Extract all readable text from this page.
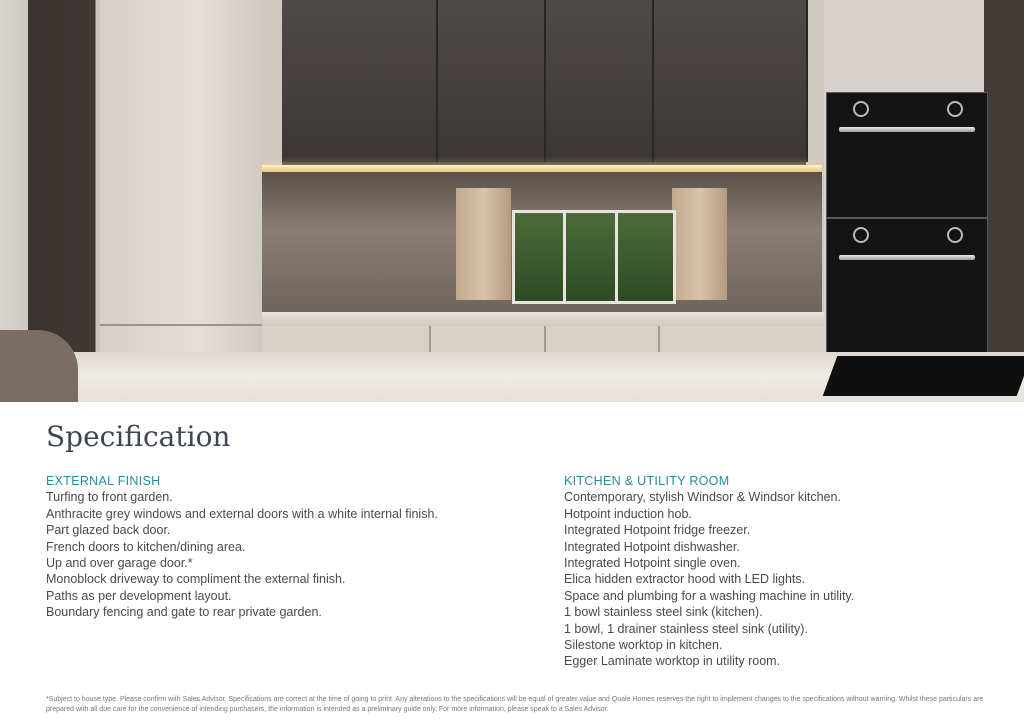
Specification
EXTERNAL FINISH
Turfing to front garden.
Anthracite grey windows and external doors with a white internal finish.
Part glazed back door.
French doors to kitchen/dining area.
Up and over garage door.*
Monoblock driveway to compliment the external finish.
Paths as per development layout.
Boundary fencing and gate to rear private garden.
KITCHEN & UTILITY ROOM
Contemporary, stylish Windsor & Windsor kitchen.
Hotpoint induction hob.
Integrated Hotpoint fridge freezer.
Integrated Hotpoint dishwasher.
Integrated Hotpoint single oven.
Elica hidden extractor hood with LED lights.
Space and plumbing for a washing machine in utility.
1 bowl stainless steel sink (kitchen).
1 bowl, 1 drainer stainless steel sink (utility).
Silestone worktop in kitchen.
Egger Laminate worktop in utility room.
*Subject to house type. Please confirm with Sales Advisor. Specifications are correct at the time of going to print. Any alterations to the specifications will be equal of greater value and Quale Homes reserves the right to implement changes to the specifications without warning. Whilst these particulars are prepared with all due care for the convenience of intending purchasers, the information is intended as a preliminary guide only. For more information, please speak to a Sales Advisor.
